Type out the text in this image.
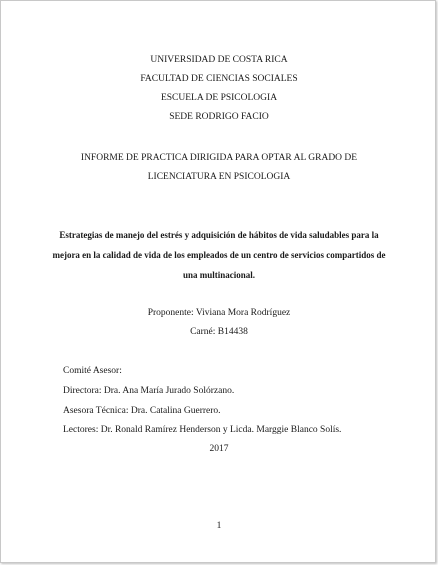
UNIVERSIDAD DE COSTA RICA
FACULTAD DE CIENCIAS SOCIALES
ESCUELA DE PSICOLOGIA
SEDE RODRIGO FACIO
INFORME DE PRACTICA DIRIGIDA PARA OPTAR AL GRADO DE
LICENCIATURA EN PSICOLOGIA
Estrategias de manejo del estrés y adquisición de hábitos de vida saludables para la
mejora en la calidad de vida de los empleados de un centro de servicios compartidos de
una multinacional.
Proponente: Viviana Mora Rodríguez
Carné: B14438
Comité Asesor:
Directora: Dra. Ana María Jurado Solórzano.
Asesora Técnica: Dra. Catalina Guerrero.
Lectores: Dr. Ronald Ramírez Henderson y Licda. Marggie Blanco Solís.
2017
1
